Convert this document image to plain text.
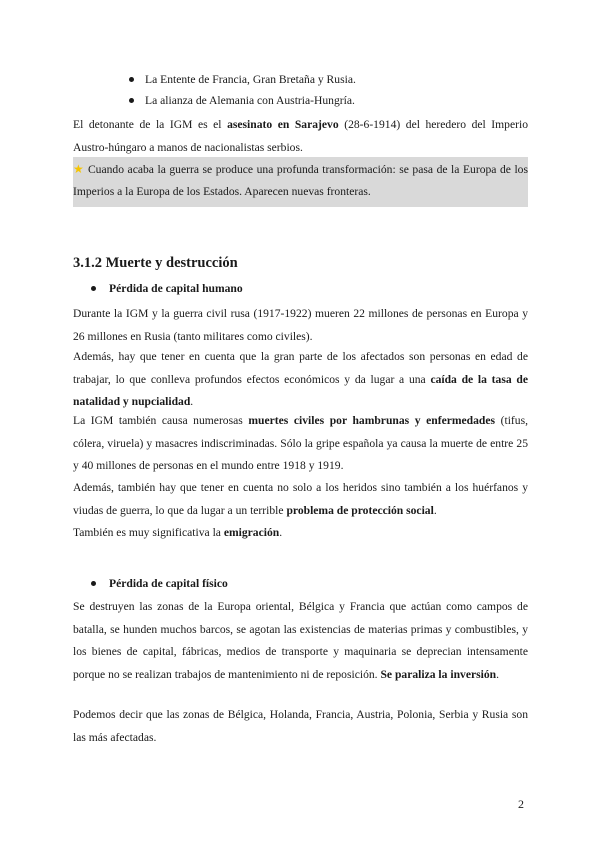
La Entente de Francia, Gran Bretaña y Rusia.
La alianza de Alemania con Austria-Hungría.

El detonante de la IGM es el asesinato en Sarajevo (28-6-1914) del heredero del Imperio Austro-húngaro a manos de nacionalistas serbios.

★ Cuando acaba la guerra se produce una profunda transformación: se pasa de la Europa de los Imperios a la Europa de los Estados. Aparecen nuevas fronteras.
3.1.2 Muerte y destrucción
Pérdida de capital humano

Durante la IGM y la guerra civil rusa (1917-1922) mueren 22 millones de personas en Europa y 26 millones en Rusia (tanto militares como civiles).

Además, hay que tener en cuenta que la gran parte de los afectados son personas en edad de trabajar, lo que conlleva profundos efectos económicos y da lugar a una caída de la tasa de natalidad y nupcialidad.

La IGM también causa numerosas muertes civiles por hambrunas y enfermedades (tifus, cólera, viruela) y masacres indiscriminadas. Sólo la gripe española ya causa la muerte de entre 25 y 40 millones de personas en el mundo entre 1918 y 1919.

Además, también hay que tener en cuenta no solo a los heridos sino también a los huérfanos y viudas de guerra, lo que da lugar a un terrible problema de protección social.

También es muy significativa la emigración.

Pérdida de capital físico

Se destruyen las zonas de la Europa oriental, Bélgica y Francia que actúan como campos de batalla, se hunden muchos barcos, se agotan las existencias de materias primas y combustibles, y los bienes de capital, fábricas, medios de transporte y maquinaria se deprecian intensamente porque no se realizan trabajos de mantenimiento ni de reposición. Se paraliza la inversión.

Podemos decir que las zonas de Bélgica, Holanda, Francia, Austria, Polonia, Serbia y Rusia son las más afectadas.

2
